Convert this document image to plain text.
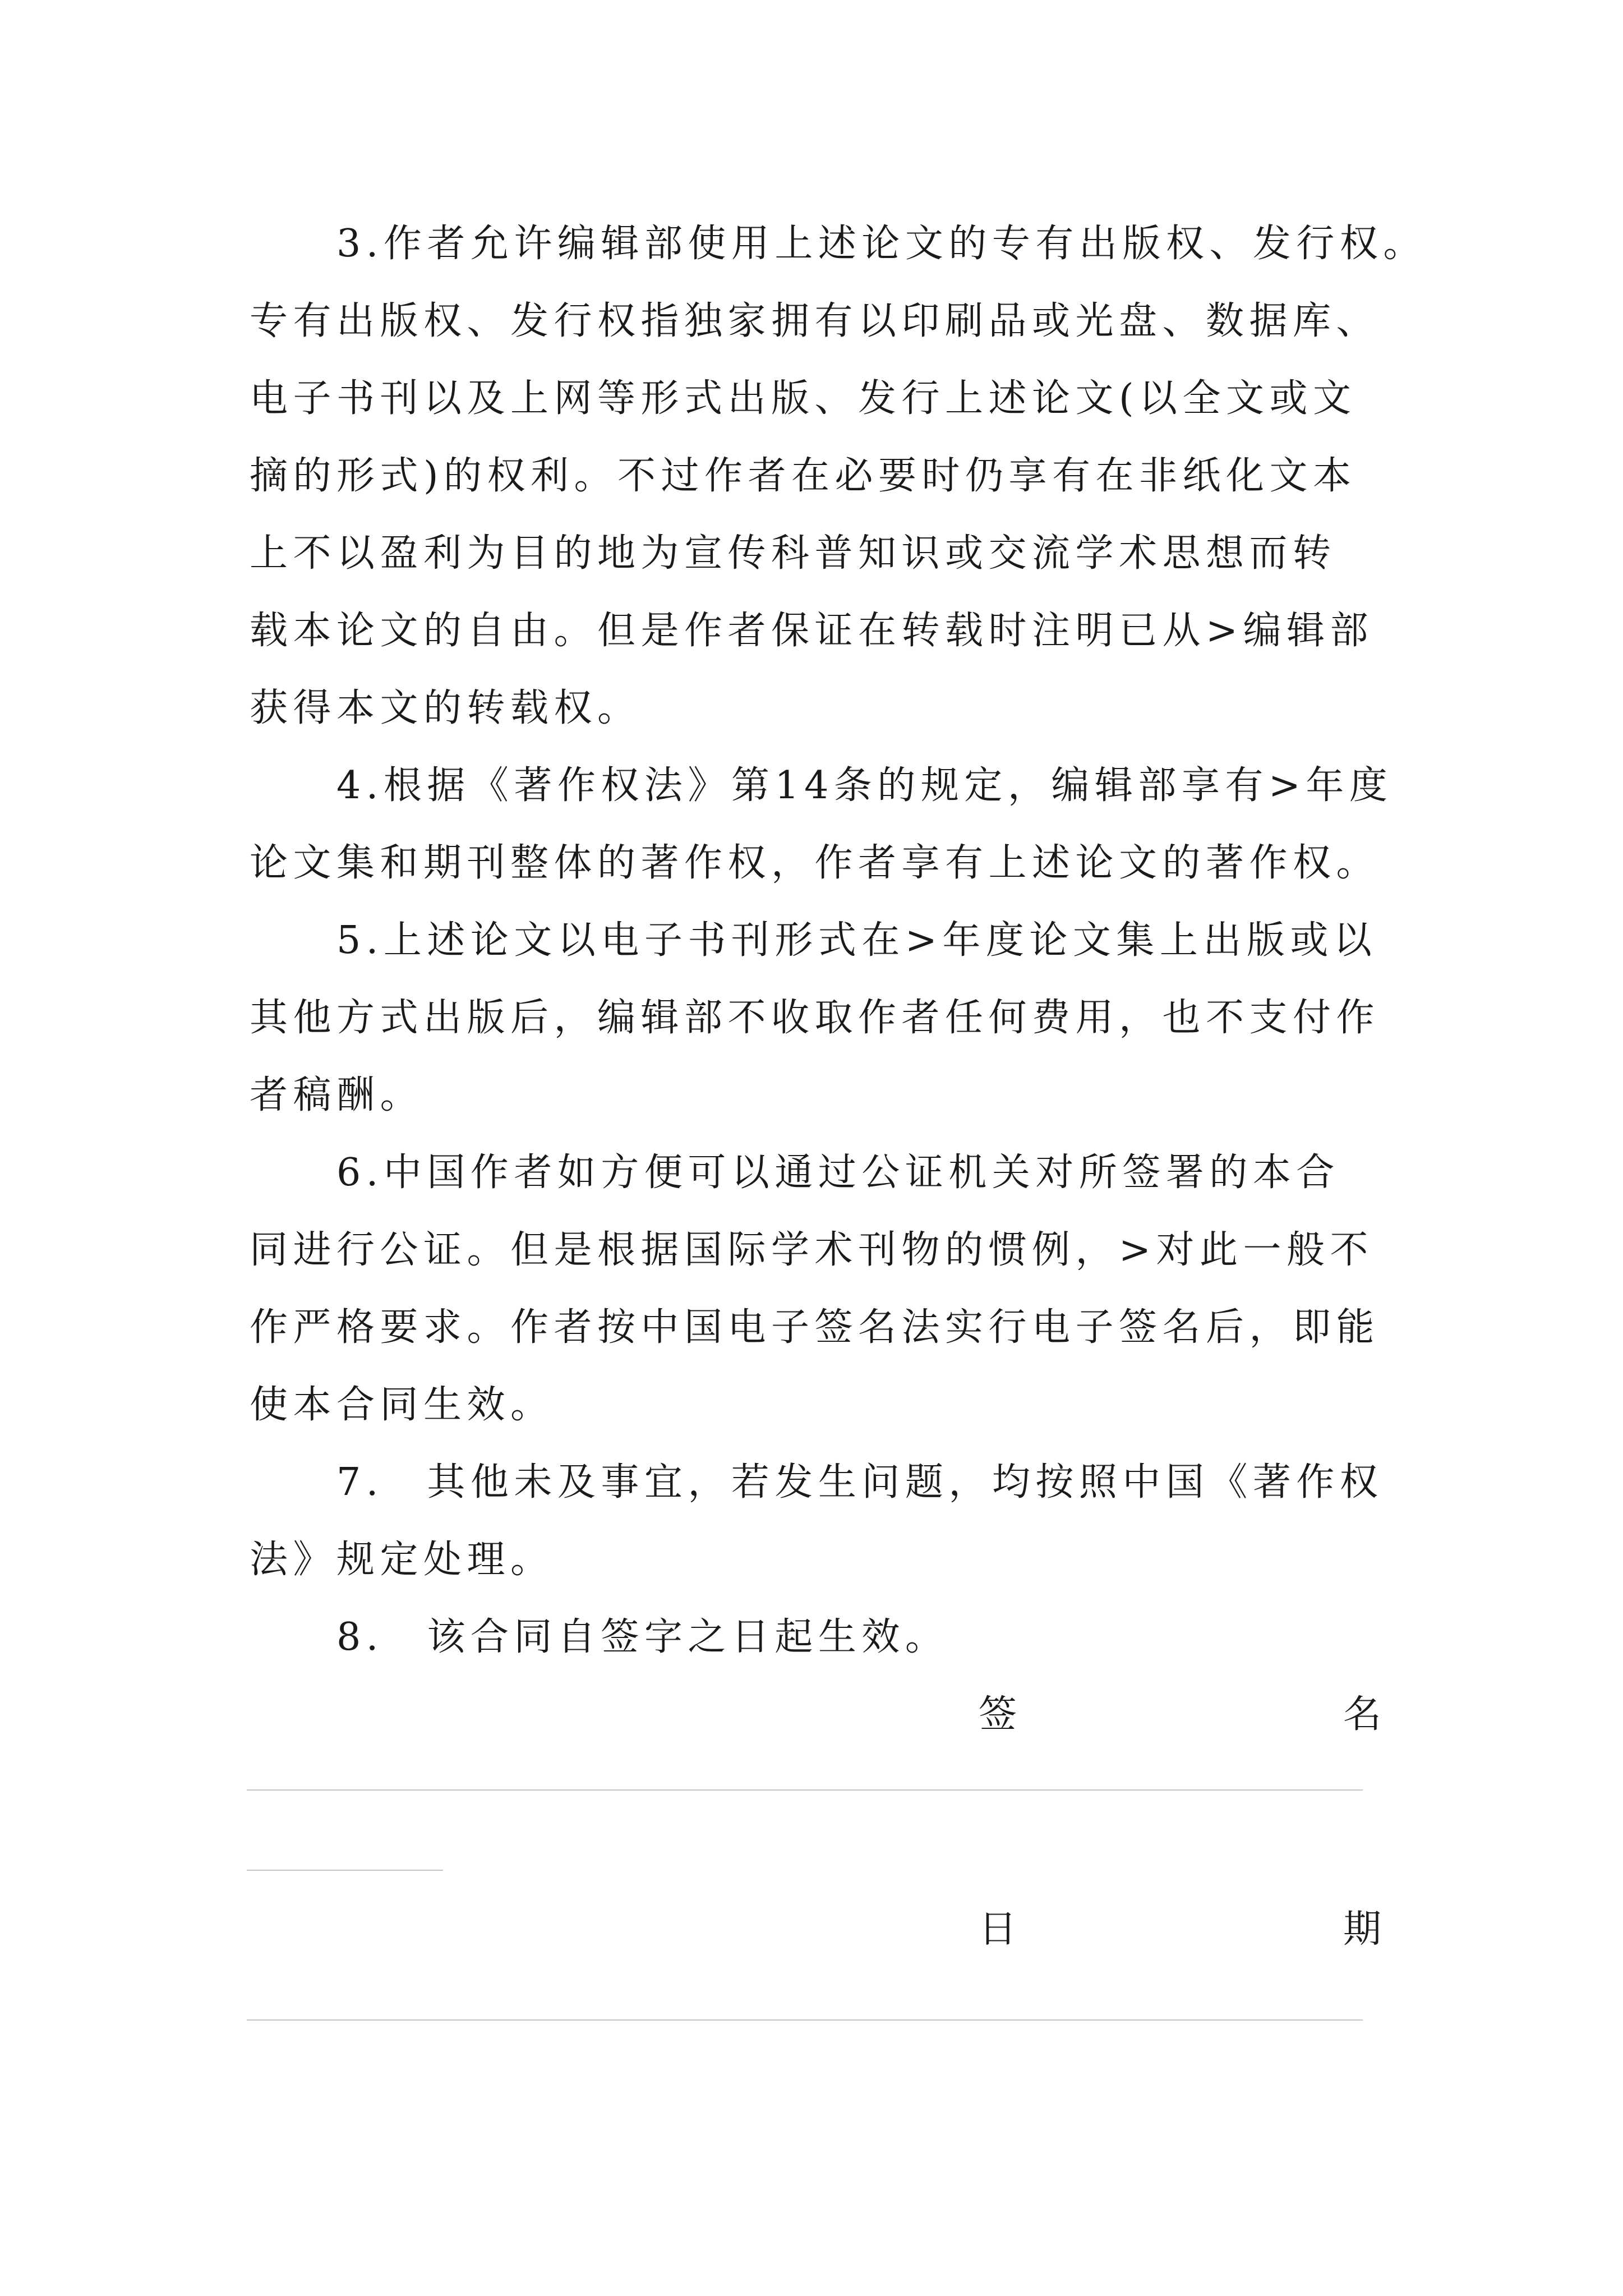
3.作者允许编辑部使用上述论文的专有出版权、发行权。
专有出版权、发行权指独家拥有以印刷品或光盘、数据库、
电子书刊以及上网等形式出版、发行上述论文(以全文或文
摘的形式)的权利。不过作者在必要时仍享有在非纸化文本
上不以盈利为目的地为宣传科普知识或交流学术思想而转
载本论文的自由。但是作者保证在转载时注明已从>编辑部
获得本文的转载权。
4.根据《著作权法》第14条的规定，编辑部享有>年度
论文集和期刊整体的著作权，作者享有上述论文的著作权。
5.上述论文以电子书刊形式在>年度论文集上出版或以
其他方式出版后，编辑部不收取作者任何费用，也不支付作
者稿酬。
6.中国作者如方便可以通过公证机关对所签署的本合
同进行公证。但是根据国际学术刊物的惯例，>对此一般不
作严格要求。作者按中国电子签名法实行电子签名后，即能
使本合同生效。
7.　其他未及事宜，若发生问题，均按照中国《著作权
法》规定处理。
8.　该合同自签字之日起生效。
签	名
日	期
